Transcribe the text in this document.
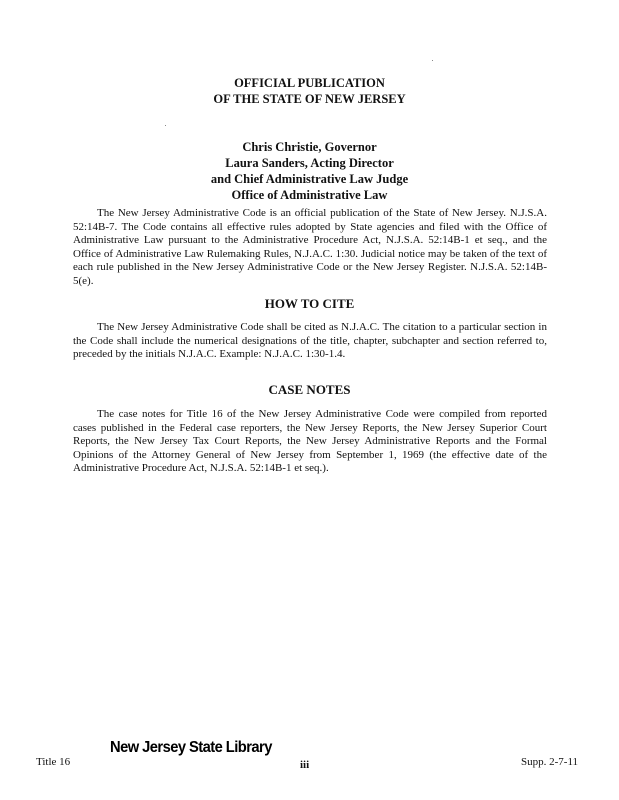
OFFICIAL PUBLICATION
OF THE STATE OF NEW JERSEY
Chris Christie, Governor
Laura Sanders, Acting Director
and Chief Administrative Law Judge
Office of Administrative Law

The New Jersey Administrative Code is an official publication of the State of New Jersey. N.J.S.A. 52:14B-7. The Code contains all effective rules adopted by State agencies and filed with the Office of Administrative Law pursuant to the Administrative Procedure Act, N.J.S.A. 52:14B-1 et seq., and the Office of Administrative Law Rulemaking Rules, N.J.A.C. 1:30. Judicial notice may be taken of the text of each rule published in the New Jersey Administrative Code or the New Jersey Register. N.J.S.A. 52:14B-5(e).

HOW TO CITE

The New Jersey Administrative Code shall be cited as N.J.A.C. The citation to a particular section in the Code shall include the numerical designations of the title, chapter, subchapter and section referred to, preceded by the initials N.J.A.C. Example: N.J.A.C. 1:30-1.4.

CASE NOTES

The case notes for Title 16 of the New Jersey Administrative Code were compiled from reported cases published in the Federal case reporters, the New Jersey Reports, the New Jersey Superior Court Reports, the New Jersey Tax Court Reports, the New Jersey Administrative Reports and the Formal Opinions of the Attorney General of New Jersey from September 1, 1969 (the effective date of the Administrative Procedure Act, N.J.S.A. 52:14B-1 et seq.).

Title 16
New Jersey State Library
iii	Supp. 2-7-11
